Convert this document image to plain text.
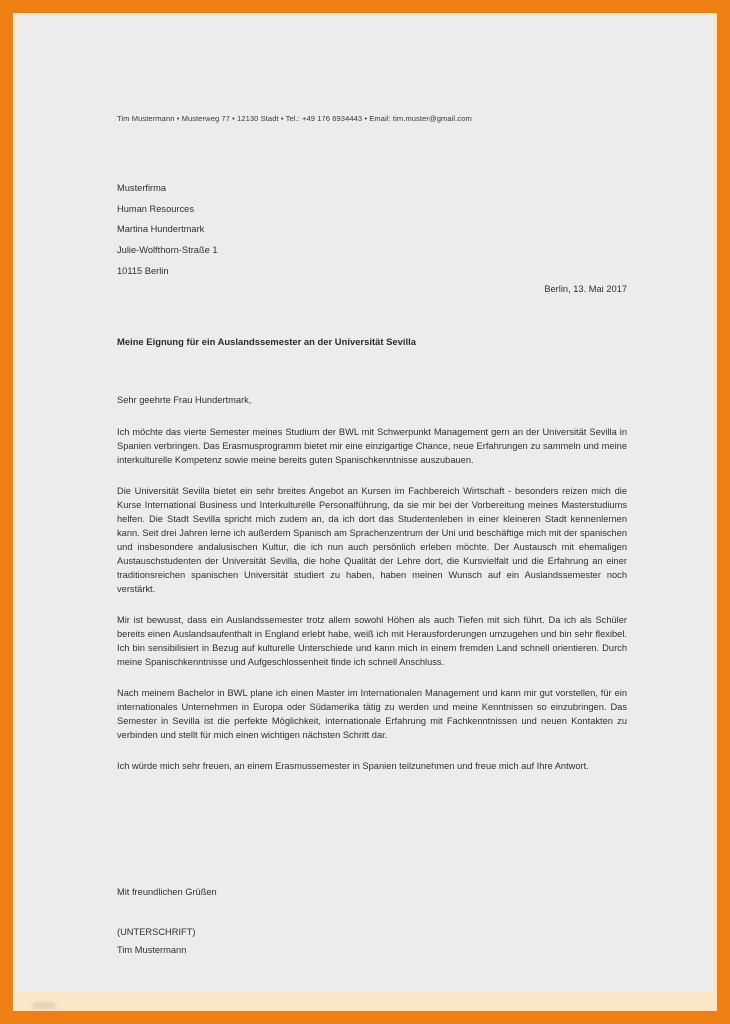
Tim Mustermann • Musterweg 77 • 12130 Stadt • Tel.: +49 176 6934443 • Email: tim.muster@gmail.com
Musterfirma
Human Resources
Martina Hundertmark
Julie-Wolfthorn-Straße 1
10115 Berlin
Berlin, 13. Mai 2017
Meine Eignung für ein Auslandssemester an der Universität Sevilla
Sehr geehrte Frau Hundertmark,

Ich möchte das vierte Semester meines Studium der BWL mit Schwerpunkt Management gern an der Universität Sevilla in Spanien verbringen. Das Erasmusprogramm bietet mir eine einzigartige Chance, neue Erfahrungen zu sammeln und meine interkulturelle Kompetenz sowie meine bereits guten Spanischkenntnisse auszubauen.

Die Universität Sevilla bietet ein sehr breites Angebot an Kursen im Fachbereich Wirtschaft - besonders reizen mich die Kurse International Business und Interkulturelle Personalführung, da sie mir bei der Vorbereitung meines Masterstudiums helfen. Die Stadt Sevilla spricht mich zudem an, da ich dort das Studentenleben in einer kleineren Stadt kennenlernen kann. Seit drei Jahren lerne ich außerdem Spanisch am Sprachenzentrum der Uni und beschäftige mich mit der spanischen und insbesondere andalusischen Kultur, die ich nun auch persönlich erleben möchte. Der Austausch mit ehemaligen Austauschstudenten der Universität Sevilla, die hohe Qualität der Lehre dort, die Kursvielfalt und die Erfahrung an einer traditionsreichen spanischen Universität studiert zu haben, haben meinen Wunsch auf ein Auslandssemester noch verstärkt.

Mir ist bewusst, dass ein Auslandssemester trotz allem sowohl Höhen als auch Tiefen mit sich führt. Da ich als Schüler bereits einen Auslandsaufenthalt in England erlebt habe, weiß ich mit Herausforderungen umzugehen und bin sehr flexibel. Ich bin sensibilisiert in Bezug auf kulturelle Unterschiede und kann mich in einem fremden Land schnell orientieren. Durch meine Spanischkenntnisse und Aufgeschlossenheit finde ich schnell Anschluss.

Nach meinem Bachelor in BWL plane ich einen Master im Internationalen Management und kann mir gut vorstellen, für ein internationales Unternehmen in Europa oder Südamerika tätig zu werden und meine Kenntnissen so einzubringen. Das Semester in Sevilla ist die perfekte Möglichkeit, internationale Erfahrung mit Fachkenntnissen und neuen Kontakten zu verbinden und stellt für mich einen wichtigen nächsten Schritt dar.

Ich würde mich sehr freuen, an einem Erasmussemester in Spanien teilzunehmen und freue mich auf Ihre Antwort.

Mit freundlichen Grüßen
(UNTERSCHRIFT)
Tim Mustermann
